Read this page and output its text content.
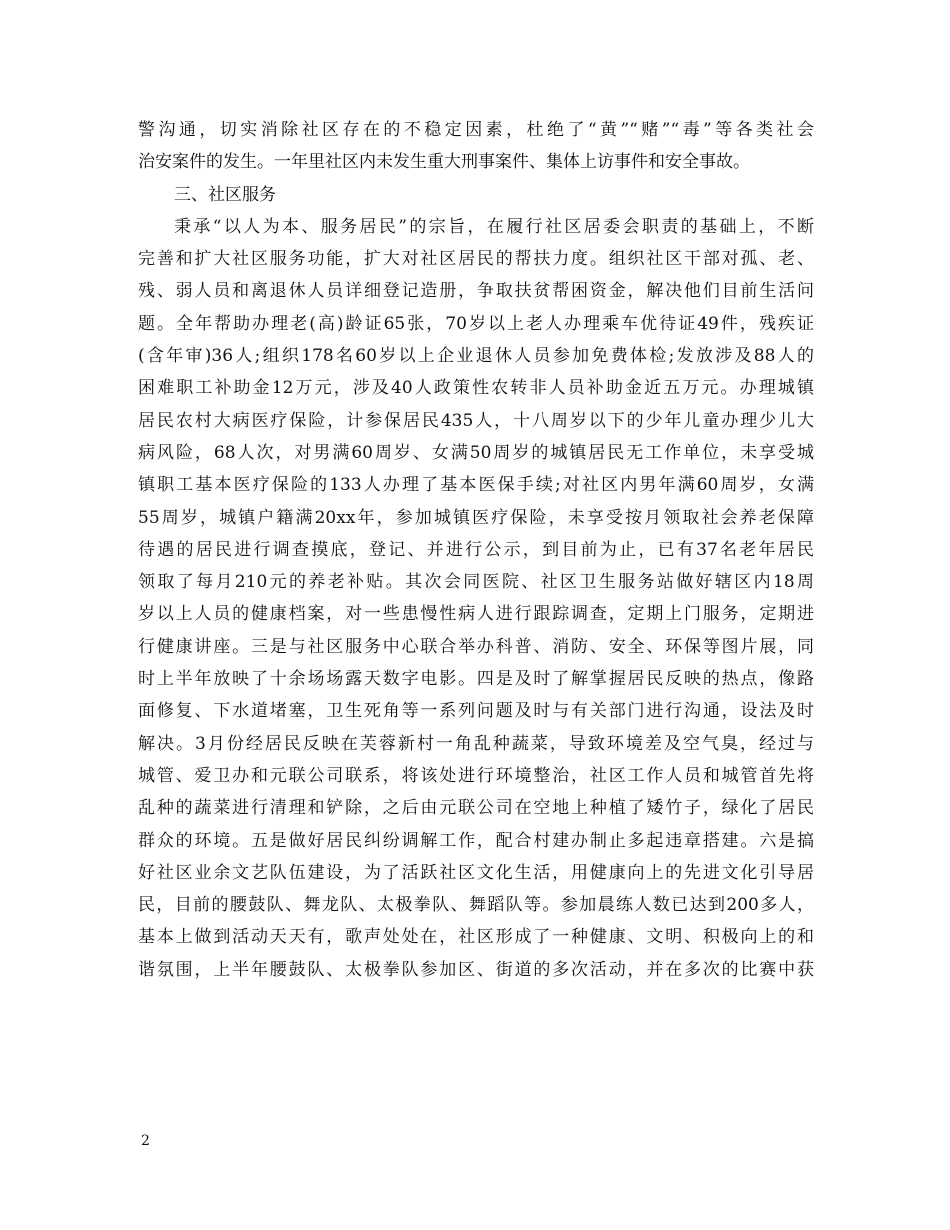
警沟通，切实消除社区存在的不稳定因素，杜绝了“黄”“赌”“毒”等各类社会
治安案件的发生。一年里社区内未发生重大刑事案件、集体上访事件和安全事故。
三、社区服务
秉承“以人为本、服务居民”的宗旨，在履行社区居委会职责的基础上，不断
完善和扩大社区服务功能，扩大对社区居民的帮扶力度。组织社区干部对孤、老、
残、弱人员和离退休人员详细登记造册，争取扶贫帮困资金，解决他们目前生活问
题。全年帮助办理老(高)龄证65张，70岁以上老人办理乘车优待证49件，残疾证
(含年审)36人;组织178名60岁以上企业退休人员参加免费体检;发放涉及88人的
困难职工补助金12万元，涉及40人政策性农转非人员补助金近五万元。办理城镇
居民农村大病医疗保险，计参保居民435人，十八周岁以下的少年儿童办理少儿大
病风险，68人次，对男满60周岁、女满50周岁的城镇居民无工作单位，未享受城
镇职工基本医疗保险的133人办理了基本医保手续;对社区内男年满60周岁，女满
55周岁，城镇户籍满20xx年，参加城镇医疗保险，未享受按月领取社会养老保障
待遇的居民进行调查摸底，登记、并进行公示，到目前为止，已有37名老年居民
领取了每月210元的养老补贴。其次会同医院、社区卫生服务站做好辖区内18周
岁以上人员的健康档案，对一些患慢性病人进行跟踪调查，定期上门服务，定期进
行健康讲座。三是与社区服务中心联合举办科普、消防、安全、环保等图片展，同
时上半年放映了十余场场露天数字电影。四是及时了解掌握居民反映的热点，像路
面修复、下水道堵塞，卫生死角等一系列问题及时与有关部门进行沟通，设法及时
解决。3月份经居民反映在芙蓉新村一角乱种蔬菜，导致环境差及空气臭，经过与
城管、爱卫办和元联公司联系，将该处进行环境整治，社区工作人员和城管首先将
乱种的蔬菜进行清理和铲除，之后由元联公司在空地上种植了矮竹子，绿化了居民
群众的环境。五是做好居民纠纷调解工作，配合村建办制止多起违章搭建。六是搞
好社区业余文艺队伍建设，为了活跃社区文化生活，用健康向上的先进文化引导居
民，目前的腰鼓队、舞龙队、太极拳队、舞蹈队等。参加晨练人数已达到200多人，
基本上做到活动天天有，歌声处处在，社区形成了一种健康、文明、积极向上的和
谐氛围，上半年腰鼓队、太极拳队参加区、街道的多次活动，并在多次的比赛中获
2
